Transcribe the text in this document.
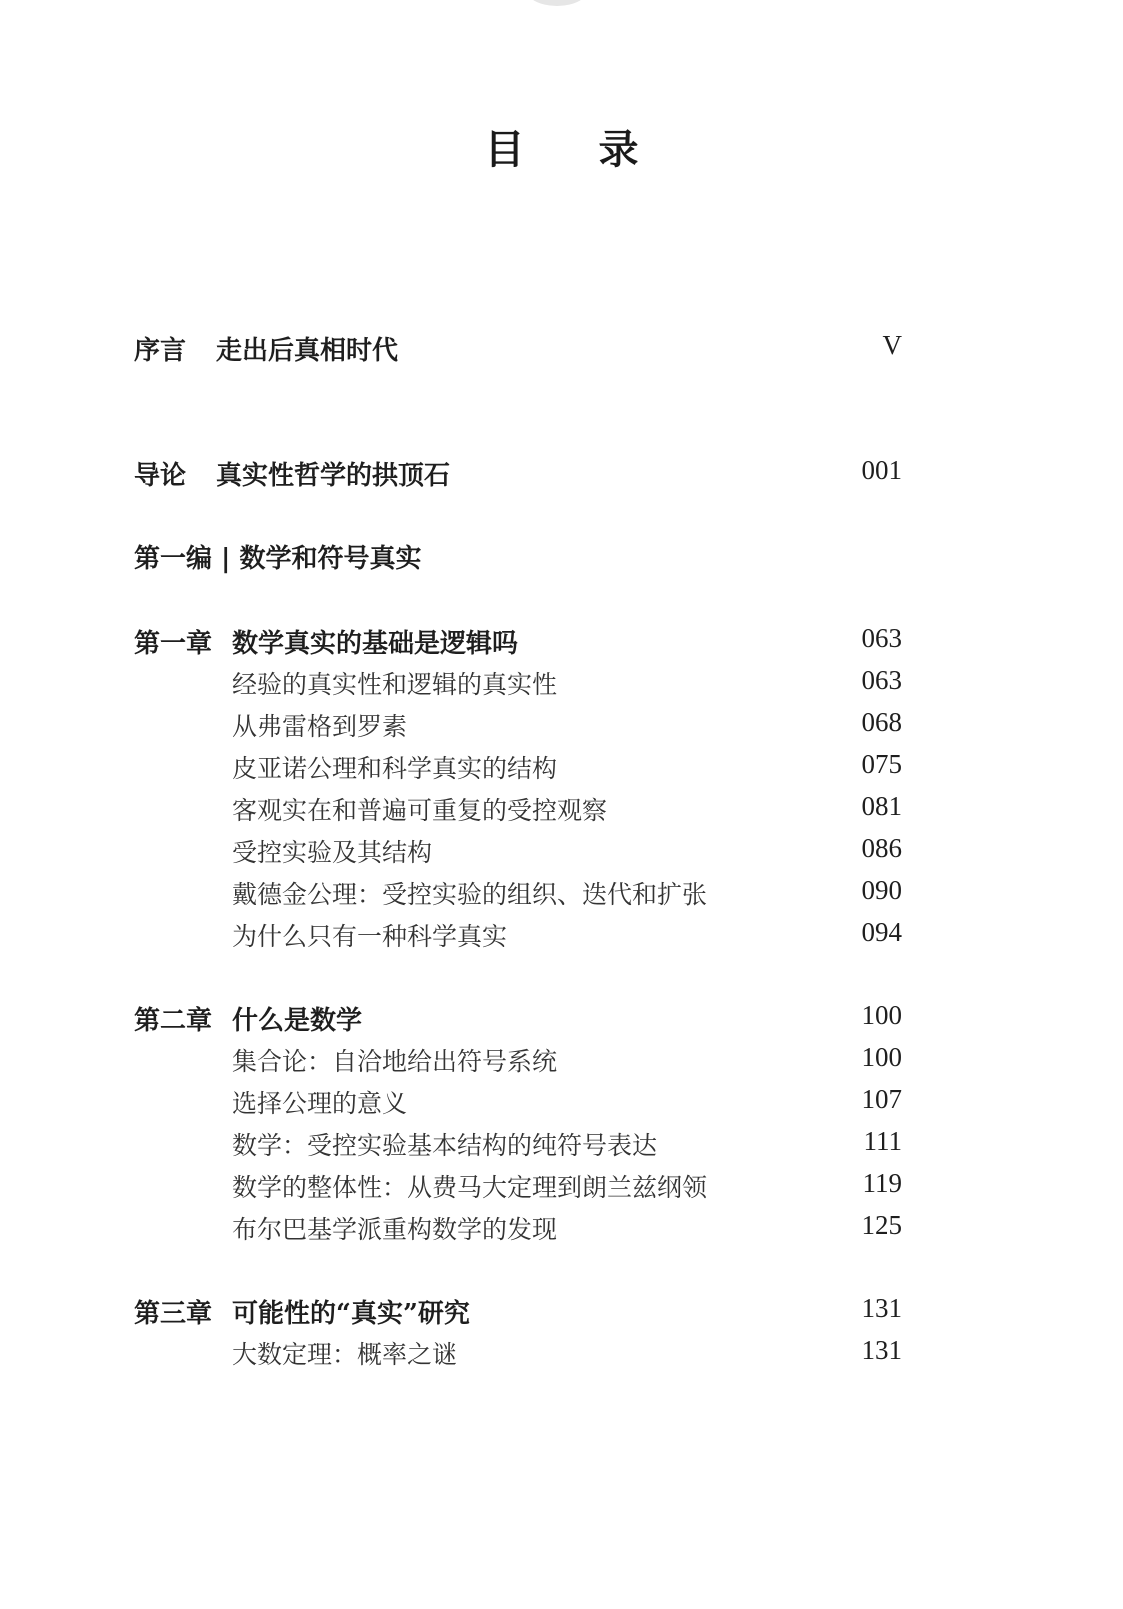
目 录
序言 走出后真相时代	V
导论 真实性哲学的拱顶石	001
第一编 | 数学和符号真实
第一章 数学真实的基础是逻辑吗	063
经验的真实性和逻辑的真实性	063
从弗雷格到罗素	068
皮亚诺公理和科学真实的结构	075
客观实在和普遍可重复的受控观察	081
受控实验及其结构	086
戴德金公理：受控实验的组织、迭代和扩张	090
为什么只有一种科学真实	094
第二章 什么是数学	100
集合论：自洽地给出符号系统	100
选择公理的意义	107
数学：受控实验基本结构的纯符号表达	111
数学的整体性：从费马大定理到朗兰兹纲领	119
布尔巴基学派重构数学的发现	125
第三章 可能性的“真实”研究	131
大数定理：概率之谜	131
